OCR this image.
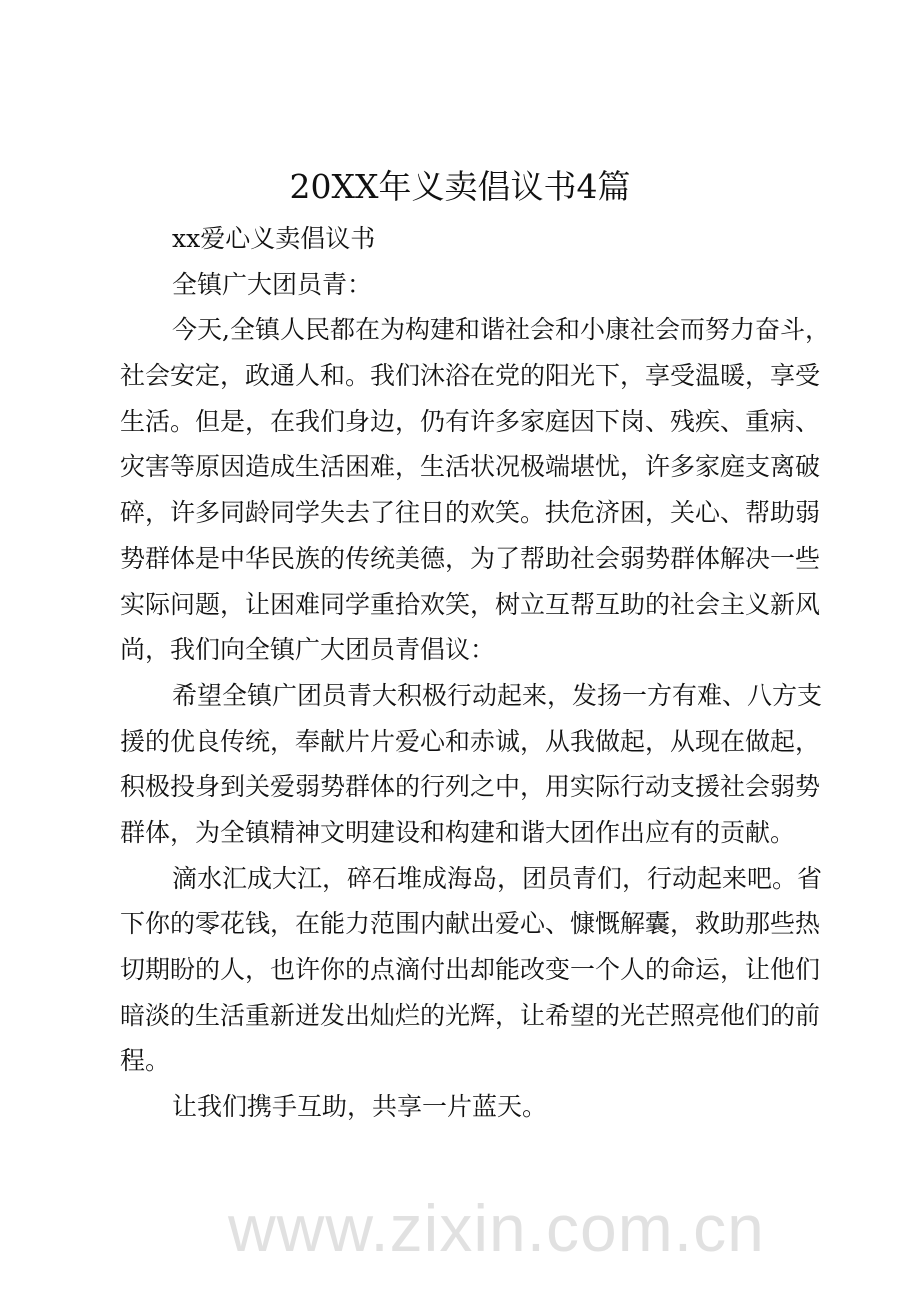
20XX年义卖倡议书4篇
xx爱心义卖倡议书
全镇广大团员青：
今天,全镇人民都在为构建和谐社会和小康社会而努力奋斗，
社会安定，政通人和。我们沐浴在党的阳光下，享受温暖，享受
生活。但是，在我们身边，仍有许多家庭因下岗、残疾、重病、
灾害等原因造成生活困难，生活状况极端堪忧，许多家庭支离破
碎，许多同龄同学失去了往日的欢笑。扶危济困，关心、帮助弱
势群体是中华民族的传统美德，为了帮助社会弱势群体解决一些
实际问题，让困难同学重拾欢笑，树立互帮互助的社会主义新风
尚，我们向全镇广大团员青倡议：
希望全镇广团员青大积极行动起来，发扬一方有难、八方支
援的优良传统，奉献片片爱心和赤诚，从我做起，从现在做起，
积极投身到关爱弱势群体的行列之中，用实际行动支援社会弱势
群体，为全镇精神文明建设和构建和谐大团作出应有的贡献。
滴水汇成大江，碎石堆成海岛，团员青们，行动起来吧。省
下你的零花钱，在能力范围内献出爱心、慷慨解囊，救助那些热
切期盼的人，也许你的点滴付出却能改变一个人的命运，让他们
暗淡的生活重新迸发出灿烂的光辉，让希望的光芒照亮他们的前
程。
让我们携手互助，共享一片蓝天。
www.zixin.com.cn
